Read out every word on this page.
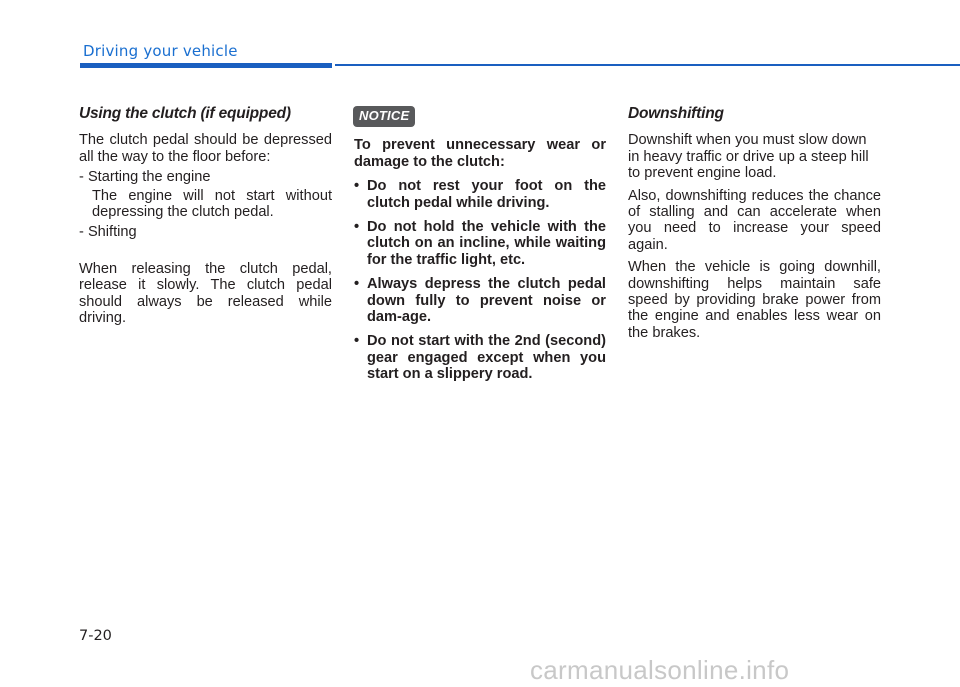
Driving your vehicle
Using the clutch (if equipped)

The clutch pedal should be depressed all the way to the floor before:

- Starting the engine

The engine will not start without depressing the clutch pedal.

- Shifting

When releasing the clutch pedal, release it slowly. The clutch pedal should always be released while driving.

NOTICE

To prevent unnecessary wear or damage to the clutch:

• Do not rest your foot on the clutch pedal while driving.
• Do not hold the vehicle with the clutch on an incline, while waiting for the traffic light, etc.
• Always depress the clutch pedal down fully to prevent noise or dam-age.
• Do not start with the 2nd (second) gear engaged except when you start on a slippery road.
Downshifting

Downshift when you must slow down in heavy traffic or drive up a steep hill to prevent engine load.

Also, downshifting reduces the chance of stalling and can accelerate when you need to increase your speed again.

When the vehicle is going downhill, downshifting helps maintain safe speed by providing brake power from the engine and enables less wear on the brakes.

7-20
carmanualsonline.info
